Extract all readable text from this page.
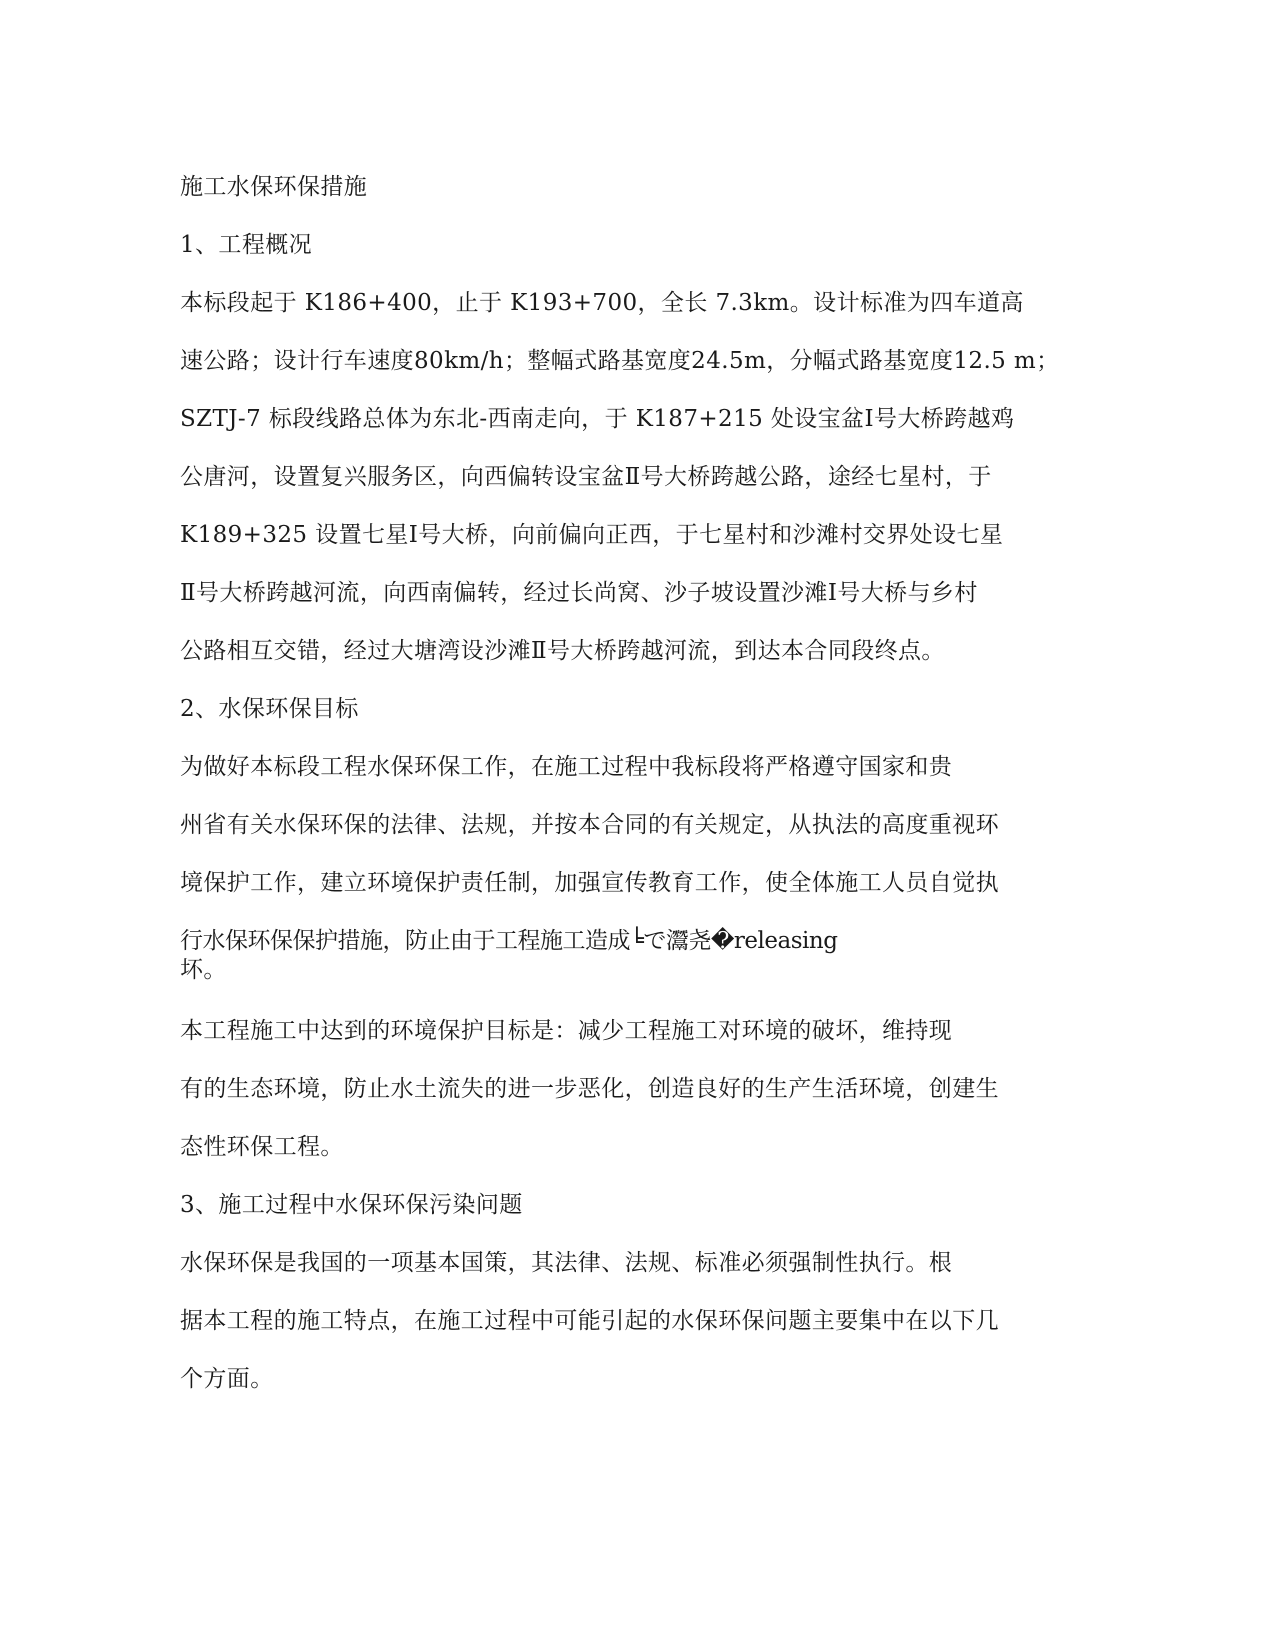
施工水保环保措施
1、工程概况
本标段起于 K186+400，止于 K193+700，全长 7.3km。设计标准为四车道高
速公路；设计行车速度80km/h；整幅式路基宽度24.5m，分幅式路基宽度12.5 m；
SZTJ-7 标段线路总体为东北-西南走向，于 K187+215 处设宝盆Ⅰ号大桥跨越鸡
公唐河，设置复兴服务区，向西偏转设宝盆Ⅱ号大桥跨越公路，途经七星村，于
K189+325 设置七星Ⅰ号大桥，向前偏向正西，于七星村和沙滩村交界处设七星
Ⅱ号大桥跨越河流，向西南偏转，经过长尚窝、沙子坡设置沙滩Ⅰ号大桥与乡村
公路相互交错，经过大塘湾设沙滩Ⅱ号大桥跨越河流，到达本合同段终点。
2、水保环保目标
为做好本标段工程水保环保工作，在施工过程中我标段将严格遵守国家和贵
州省有关水保环保的法律、法规，并按本合同的有关规定，从执法的高度重视环
境保护工作，建立环境保护责任制，加强宣传教育工作，使全体施工人员自觉执
行水保环保保护措施，防止由于工程施工造成╘で灊尧�releasing
坏。
本工程施工中达到的环境保护目标是：减少工程施工对环境的破坏，维持现
有的生态环境，防止水土流失的进一步恶化，创造良好的生产生活环境，创建生
态性环保工程。
3、施工过程中水保环保污染问题
水保环保是我国的一项基本国策，其法律、法规、标准必须强制性执行。根
据本工程的施工特点，在施工过程中可能引起的水保环保问题主要集中在以下几
个方面。
